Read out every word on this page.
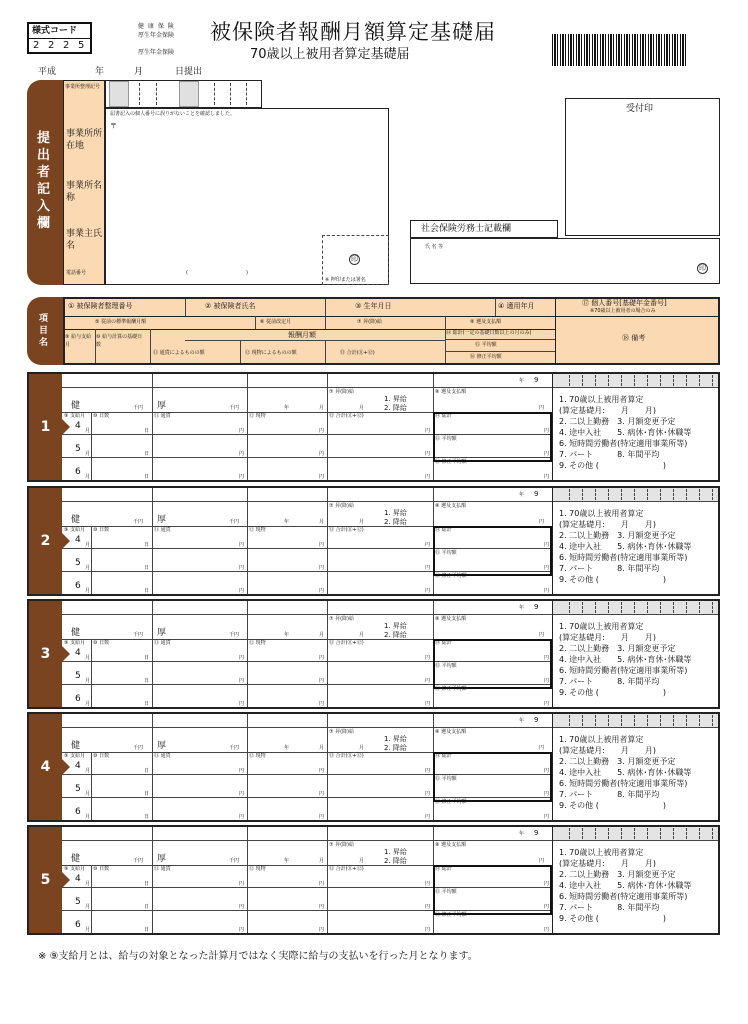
様式コード
2 2 2 5
健 康 保 険
厚生年金保険
厚生年金保険
被保険者報酬月額算定基礎届
70歳以上被用者算定基礎届
平成	年	月	日提出
提出者記入欄
事業所整理記号
届書記入の個人番号に誤りがないことを確認しました。
〒
(	)
事業所所在地
事業所名称
事業主氏名
電話番号
印
※ 押印または署名
受付印
社会保険労務士記載欄
氏 名 等
印
項目名
① 被保険者整理番号	② 被保険者氏名	③ 生年月日	④ 適用年月
⑤ 従前の標準報酬月額	⑥ 従前改定月	⑦ 昇(降)給	⑧ 遡及支払額
⑨ 給与支給月
⑩ 給与計算の基礎日数
報酬月額
⑪ 通貨によるものの額	⑫ 現物によるものの額	⑬ 合計(⑪+⑫)
⑭ 総計(一定の基礎日数以上の月のみ)
⑮ 平均額
⑯ 修正平均額
⑰ 個人番号[基礎年金番号]
※70歳以上被用者の場合のみ
⑱ 備考
1
健	千円 厚	千円	年	月
⑦ 昇(降)給
1. 昇給
2. 降給
月
⑧ 遡及支払額
円
9
年
⑨ 支給月 ⑩ 日数	⑪ 通貨	⑫ 現物	⑬ 合計(⑪+⑫)	⑭ 総計
⑮ 平均額
⑯ 修正平均額
4 月	日	円	円	円	円
5 月	日	円	円	円	円
6 月	日	円	円	円	円
1. 70歳以上被用者算定
(算定基礎月:　　月　　月)
2. 二以上勤務　3. 月額変更予定
4. 途中入社　　5. 病休･育休･休職等
6. 短時間労働者(特定適用事業所等)
7. パート　　　8. 年間平均
9. その他 (　　　　　　　　)
2
健	千円 厚	千円	年	月
⑦ 昇(降)給
1. 昇給
2. 降給
月
⑧ 遡及支払額
円
9
年
⑨ 支給月 ⑩ 日数	⑪ 通貨	⑫ 現物	⑬ 合計(⑪+⑫)	⑭ 総計
⑮ 平均額
⑯ 修正平均額
4 月	日	円	円	円	円
5 月	日	円	円	円	円
6 月	日	円	円	円	円
1. 70歳以上被用者算定
(算定基礎月:　　月　　月)
2. 二以上勤務　3. 月額変更予定
4. 途中入社　　5. 病休･育休･休職等
6. 短時間労働者(特定適用事業所等)
7. パート　　　8. 年間平均
9. その他 (　　　　　　　　)
3
健	千円 厚	千円	年	月
⑦ 昇(降)給
1. 昇給
2. 降給
月
⑧ 遡及支払額
円
9
年
⑨ 支給月 ⑩ 日数	⑪ 通貨	⑫ 現物	⑬ 合計(⑪+⑫)	⑭ 総計
⑮ 平均額
⑯ 修正平均額
4 月	日	円	円	円	円
5 月	日	円	円	円	円
6 月	日	円	円	円	円
1. 70歳以上被用者算定
(算定基礎月:　　月　　月)
2. 二以上勤務　3. 月額変更予定
4. 途中入社　　5. 病休･育休･休職等
6. 短時間労働者(特定適用事業所等)
7. パート　　　8. 年間平均
9. その他 (　　　　　　　　)
4
健	千円 厚	千円	年	月
⑦ 昇(降)給
1. 昇給
2. 降給
月
⑧ 遡及支払額
円
9
年
⑨ 支給月 ⑩ 日数	⑪ 通貨	⑫ 現物	⑬ 合計(⑪+⑫)	⑭ 総計
⑮ 平均額
⑯ 修正平均額
4 月	日	円	円	円	円
5 月	日	円	円	円	円
6 月	日	円	円	円	円
1. 70歳以上被用者算定
(算定基礎月:　　月　　月)
2. 二以上勤務　3. 月額変更予定
4. 途中入社　　5. 病休･育休･休職等
6. 短時間労働者(特定適用事業所等)
7. パート　　　8. 年間平均
9. その他 (　　　　　　　　)
5
健	千円 厚	千円	年	月
⑦ 昇(降)給
1. 昇給
2. 降給
月
⑧ 遡及支払額
円
9
年
⑨ 支給月 ⑩ 日数	⑪ 通貨	⑫ 現物	⑬ 合計(⑪+⑫)	⑭ 総計
⑮ 平均額
⑯ 修正平均額
4 月	日	円	円	円	円
5 月	日	円	円	円	円
6 月	日	円	円	円	円
1. 70歳以上被用者算定
(算定基礎月:　　月　　月)
2. 二以上勤務　3. 月額変更予定
4. 途中入社　　5. 病休･育休･休職等
6. 短時間労働者(特定適用事業所等)
7. パート　　　8. 年間平均
9. その他 (　　　　　　　　)
※ ⑨支給月とは、給与の対象となった計算月ではなく実際に給与の支払いを行った月となります。
